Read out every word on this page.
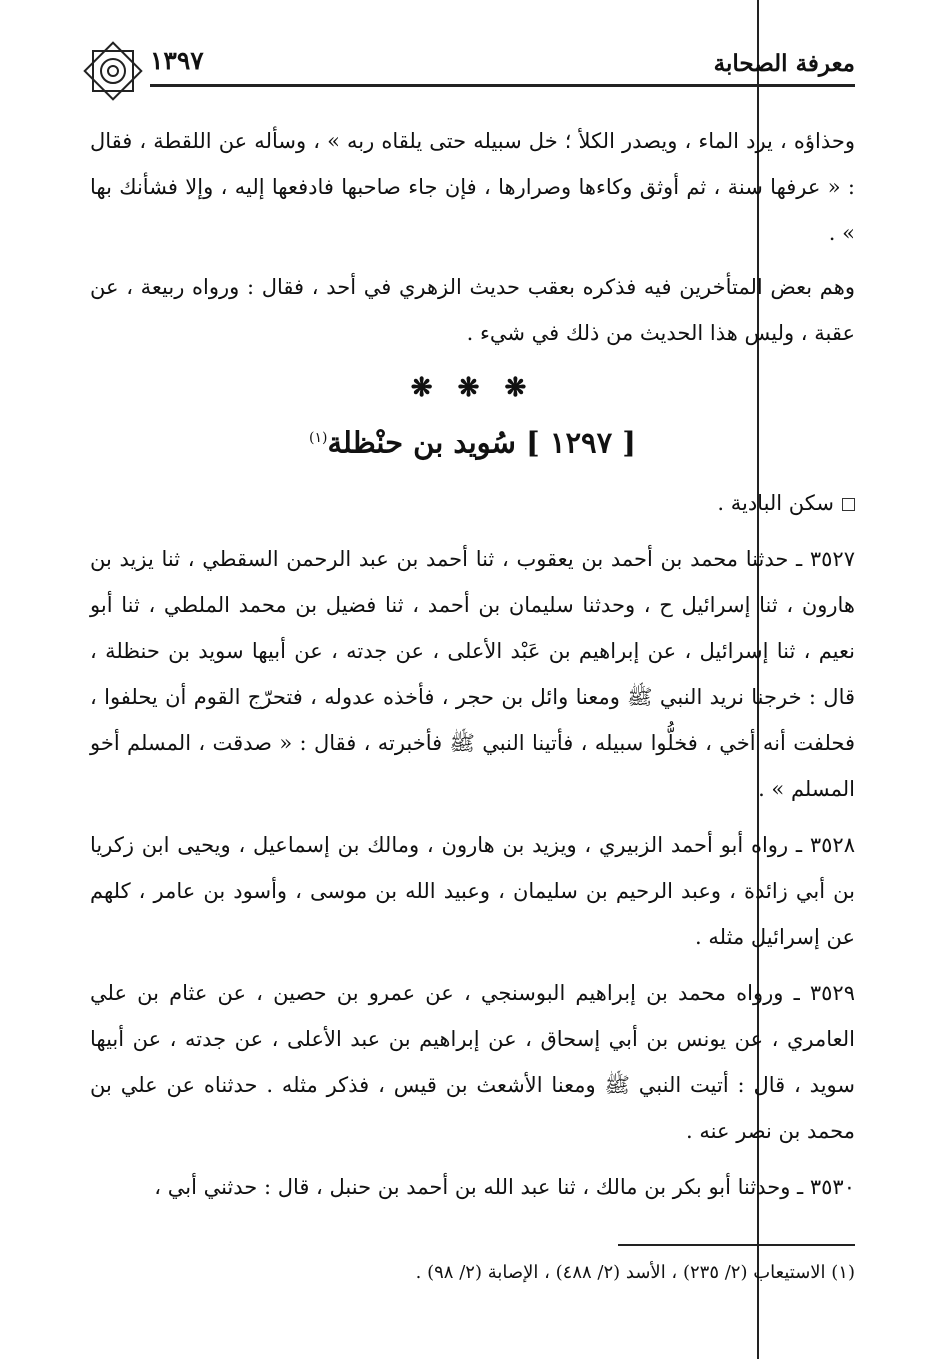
١٣٩٧	معرفة الصحابة

وحذاؤه ، يرد الماء ، ويصدر الكلأ ؛ خل سبيله حتى يلقاه ربه » ، وسأله عن اللقطة ، فقال : « عرفها سنة ، ثم أوثق وكاءها وصرارها ، فإن جاء صاحبها فادفعها إليه ، وإلا فشأنك بها » .

وهم بعض المتأخرين فيه فذكره بعقب حديث الزهري في أحد ، فقال : ورواه ربيعة ، عن عقبة ، وليس هذا الحديث من ذلك في شيء .

❋ ❋ ❋
[ ١٢٩٧ ] سُويد بن حنْظلة$^{(١)}$

سكن البادية .

٣٥٢٧ ـ حدثنا محمد بن أحمد بن يعقوب ، ثنا أحمد بن عبد الرحمن السقطي ، ثنا يزيد بن هارون ، ثنا إسرائيل ح ، وحدثنا سليمان بن أحمد ، ثنا فضيل بن محمد الملطي ، ثنا أبو نعيم ، ثنا إسرائيل ، عن إبراهيم بن عَبْد الأعلى ، عن جدته ، عن أبيها سويد بن حنظلة ، قال : خرجنا نريد النبي ﷺ ومعنا وائل بن حجر ، فأخذه عدوله ، فتحرّج القوم أن يحلفوا ، فحلفت أنه أخي ، فخلُّوا سبيله ، فأتينا النبي ﷺ فأخبرته ، فقال : « صدقت ، المسلم أخو المسلم » .

٣٥٢٨ ـ رواه أبو أحمد الزبيري ، ويزيد بن هارون ، ومالك بن إسماعيل ، ويحيى ابن زكريا بن أبي زائدة ، وعبد الرحيم بن سليمان ، وعبيد الله بن موسى ، وأسود بن عامر ، كلهم عن إسرائيل مثله .

٣٥٢٩ ـ ورواه محمد بن إبراهيم البوسنجي ، عن عمرو بن حصين ، عن عثام بن علي العامري ، عن يونس بن أبي إسحاق ، عن إبراهيم بن عبد الأعلى ، عن جدته ، عن أبيها سويد ، قال : أتيت النبي ﷺ ومعنا الأشعث بن قيس ، فذكر مثله . حدثناه عن علي بن محمد بن نصر عنه .

٣٥٣٠ ـ وحدثنا أبو بكر بن مالك ، ثنا عبد الله بن أحمد بن حنبل ، قال : حدثني أبي ،

(١) الاستيعاب (٢/ ٢٣٥) ، الأسد (٢/ ٤٨٨) ، الإصابة (٢/ ٩٨) .
